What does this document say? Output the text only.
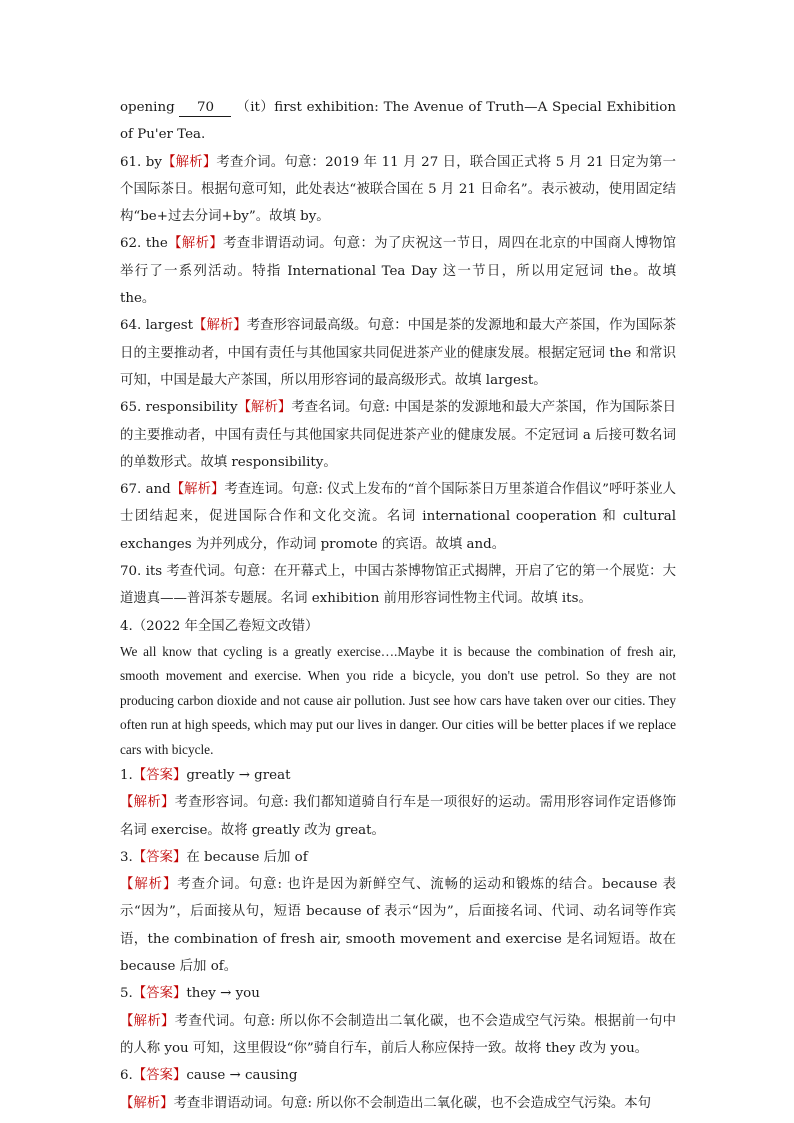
opening 70 （it）first exhibition: The Avenue of Truth—A Special Exhibition of Pu'er Tea.

61. by【解析】考查介词。句意：2019 年 11 月 27 日，联合国正式将 5 月 21 日定为第一个国际茶日。根据句意可知，此处表达“被联合国在 5 月 21 日命名”。表示被动，使用固定结构“be+过去分词+by”。故填 by。

62. the【解析】考查非谓语动词。句意：为了庆祝这一节日，周四在北京的中国商人博物馆举行了一系列活动。特指 International Tea Day 这一节日，所以用定冠词 the。故填 the。

64. largest【解析】考查形容词最高级。句意：中国是茶的发源地和最大产茶国，作为国际茶日的主要推动者，中国有责任与其他国家共同促进茶产业的健康发展。根据定冠词 the 和常识可知，中国是最大产茶国，所以用形容词的最高级形式。故填 largest。

65. responsibility【解析】考查名词。句意: 中国是茶的发源地和最大产茶国，作为国际茶日的主要推动者，中国有责任与其他国家共同促进茶产业的健康发展。不定冠词 a 后接可数名词的单数形式。故填 responsibility。

67. and【解析】考查连词。句意: 仪式上发布的“首个国际茶日万里茶道合作倡议”呼吁茶业人士团结起来，促进国际合作和文化交流。名词 international cooperation 和 cultural exchanges 为并列成分，作动词 promote 的宾语。故填 and。

70. its 考查代词。句意：在开幕式上，中国古茶博物馆正式揭牌，开启了它的第一个展览：大道遗真——普洱茶专题展。名词 exhibition 前用形容词性物主代词。故填 its。

4.（2022 年全国乙卷短文改错）

We all know that cycling is a greatly exercise….Maybe it is because the combination of fresh air, smooth movement and exercise. When you ride a bicycle, you don't use petrol. So they are not producing carbon dioxide and not cause air pollution. Just see how cars have taken over our cities. They often run at high speeds, which may put our lives in danger. Our cities will be better places if we replace cars with bicycle.

1.【答案】greatly → great

【解析】考查形容词。句意: 我们都知道骑自行车是一项很好的运动。需用形容词作定语修饰名词 exercise。故将 greatly 改为 great。

3.【答案】在 because 后加 of

【解析】考查介词。句意: 也许是因为新鲜空气、流畅的运动和锻炼的结合。because 表示“因为”，后面接从句，短语 because of 表示“因为”，后面接名词、代词、动名词等作宾语，the combination of fresh air, smooth movement and exercise 是名词短语。故在 because 后加 of。

5.【答案】they → you

【解析】考查代词。句意: 所以你不会制造出二氧化碳，也不会造成空气污染。根据前一句中的人称 you 可知，这里假设“你”骑自行车，前后人称应保持一致。故将 they 改为 you。

6.【答案】cause → causing

【解析】考查非谓语动词。句意: 所以你不会制造出二氧化碳，也不会造成空气污染。本句
